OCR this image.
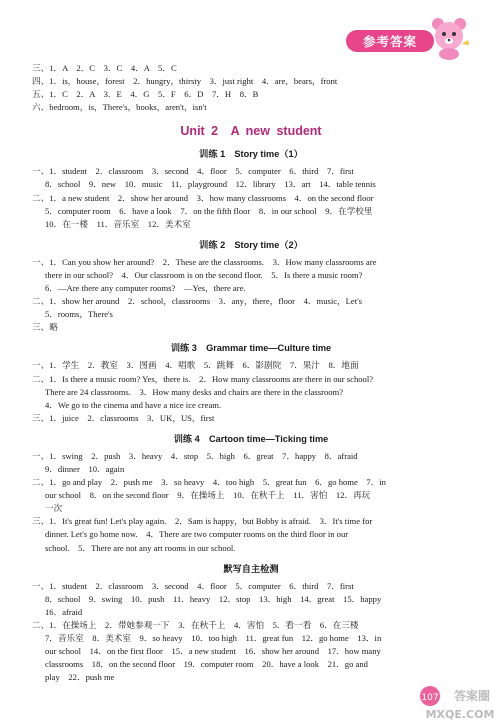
参考答案
三、1．A　2．C　3．C　4．A　5．C
四、1．is，house，forest　2．hungry，thirsty　3．just right　4．are，bears，front
五、1．C　2．A　3．E　4．G　5．F　6．D　7．H　8．B
六、bedroom，is，There's，books，aren't，isn't
Unit 2　A new student
训练 1　Story time（1）
一、1．student　2．classroom　3．second　4．floor　5．computer　6．third　7．first
8．school　9．new　10．music　11．playground　12．library　13．art　14．table tennis
二、1．a new student　2．show her around　3．how many classrooms　4．on the second floor
5．computer room　6．have a look　7．on the fifth floor　8．in our school　9．在学校里
10．在一楼　11．音乐室　12．美术室
训练 2　Story time（2）
一、1．Can you show her around?　2．These are the classrooms.　3．How many classrooms are
there in our school?　4．Our classroom is on the second floor.　5．Is there a music room?
6．—Are there any computer rooms?　—Yes，there are.
二、1．show her around　2．school，classrooms　3．any，there，floor　4．music，Let's
5．rooms，There's
三、略
训练 3　Grammar time—Culture time
一、1．学生　2．教室　3．图画　4．唱歌　5．跳舞　6．影剧院　7．果汁　8．地面
二、1．Is there a music room? Yes，there is.　2．How many classrooms are there in our school?
There are 24 classrooms.　3．How many desks and chairs are there in the classroom?
4．We go to the cinema and have a nice ice cream.
三、1．juice　2．classrooms　3．UK，US，first
训练 4　Cartoon time—Ticking time
一、1．swing　2．push　3．heavy　4．stop　5．high　6．great　7．happy　8．afraid
9．dinner　10．again
二、1．go and play　2．push me　3．so heavy　4．too high　5．great fun　6．go home　7．in
our school　8．on the second floor　9．在操场上　10．在秋千上　11．害怕　12．再玩
一次
三、1．It's great fun! Let's play again.　2．Sam is happy，but Bobby is afraid.　3．It's time for
dinner. Let's go home now.　4．There are two computer rooms on the third floor in our
school.　5．There are not any art rooms in our school.
默写自主检测
一、1．student　2．classroom　3．second　4．floor　5．computer　6．third　7．first
8．school　9．swing　10．push　11．heavy　12．stop　13．high　14．great　15．happy
16．afraid
二、1．在操场上　2．带她参观一下　3．在秋千上　4．害怕　5．看一看　6．在三楼
7．音乐室　8．美术室　9．so heavy　10．too high　11．great fun　12．go home　13．in
our school　14．on the first floor　15．a new student　16．show her around　17．how many
classrooms　18．on the second floor　19．computer room　20．have a look　21．go and
play　22．push me
107 答案圈
MXQE.COM
